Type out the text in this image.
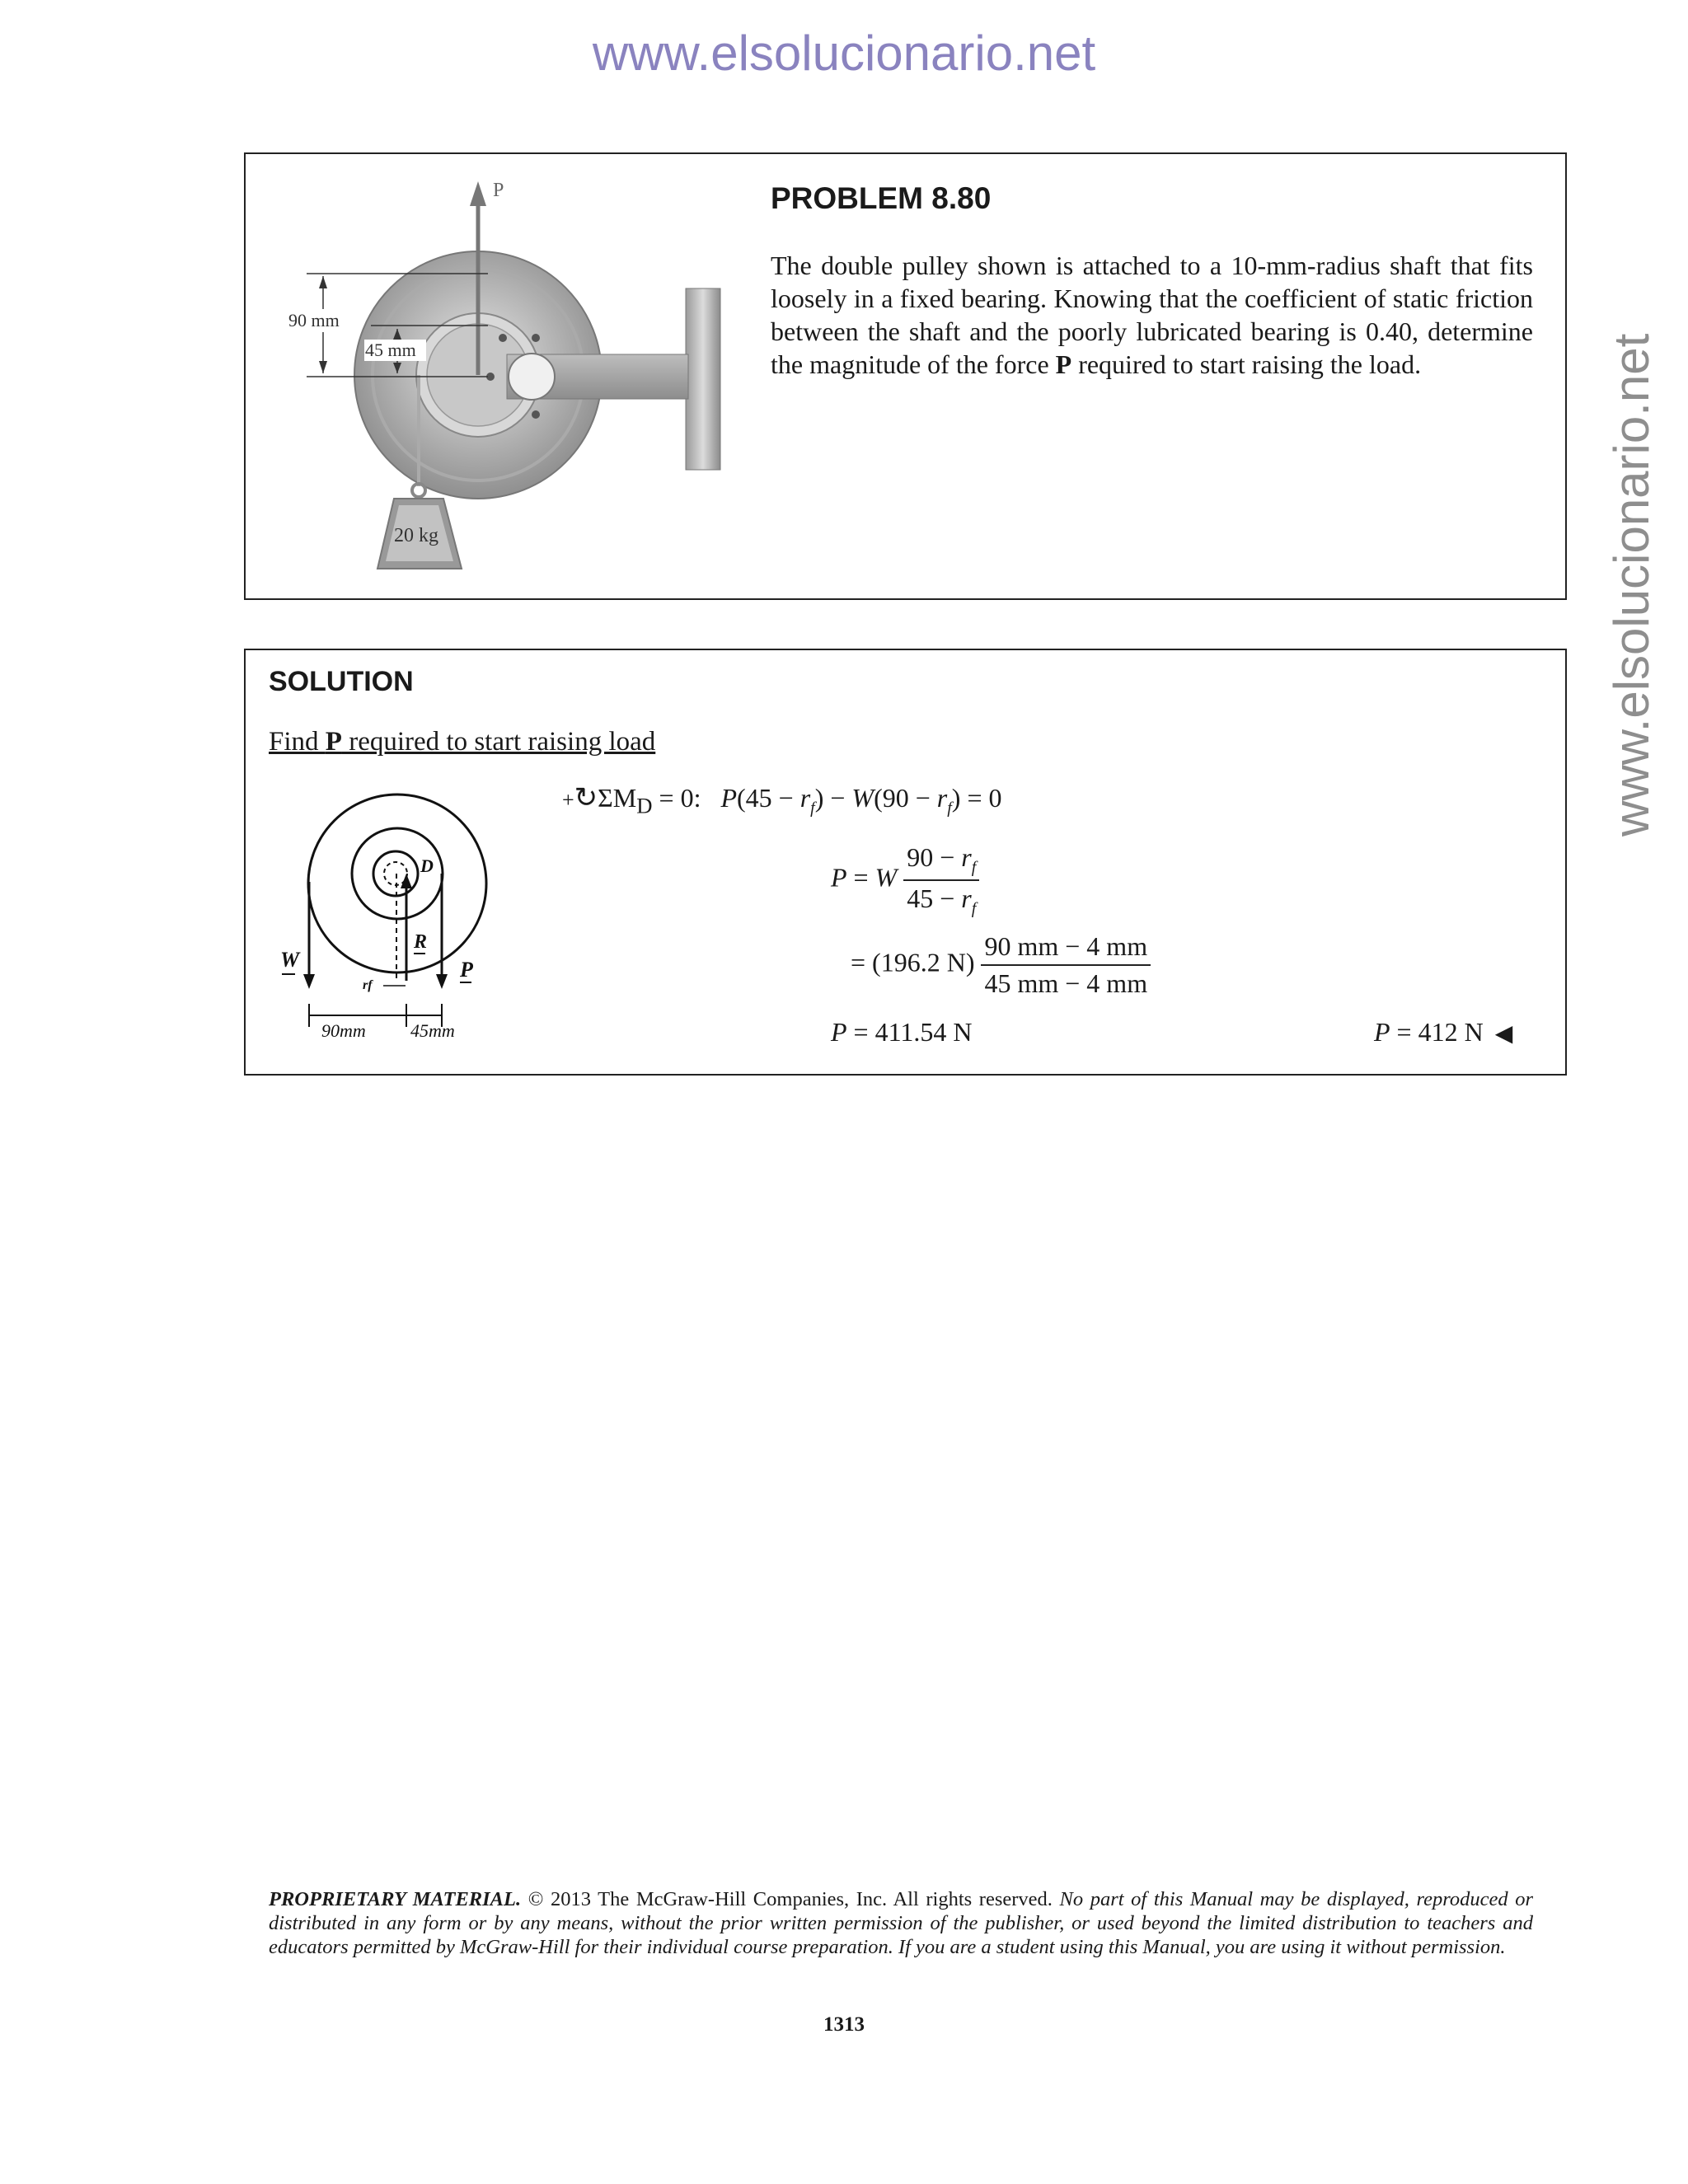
www.elsolucionario.net
www.elsolucionario.net
P
90 mm
45 mm
20 kg
PROBLEM 8.80
The double pulley shown is attached to a 10-mm-radius shaft that fits loosely in a fixed bearing. Knowing that the coefficient of static friction between the shaft and the poorly lubricated bearing is 0.40, determine the magnitude of the force P required to start raising the load.
SOLUTION
Find P required to start raising load
D
W
R
P
rf
90mm 45mm
$+↻\Sigma M_D = 0$:   $P(45 - r_f) - W(90 - r_f) = 0$
P = W $\frac{90 - r_f}{45 - r_f}$
= (196.2 $N) \frac{90 mm - 4 mm}{45 mm - 4 mm}$
P = 411.54 N	P = 412 N ◀
PROPRIETARY MATERIAL. © 2013 The McGraw-Hill Companies, Inc. All rights reserved. No part of this Manual may be displayed, reproduced or distributed in any form or by any means, without the prior written permission of the publisher, or used beyond the limited distribution to teachers and educators permitted by McGraw-Hill for their individual course preparation. If you are a student using this Manual, you are using it without permission.
1313
